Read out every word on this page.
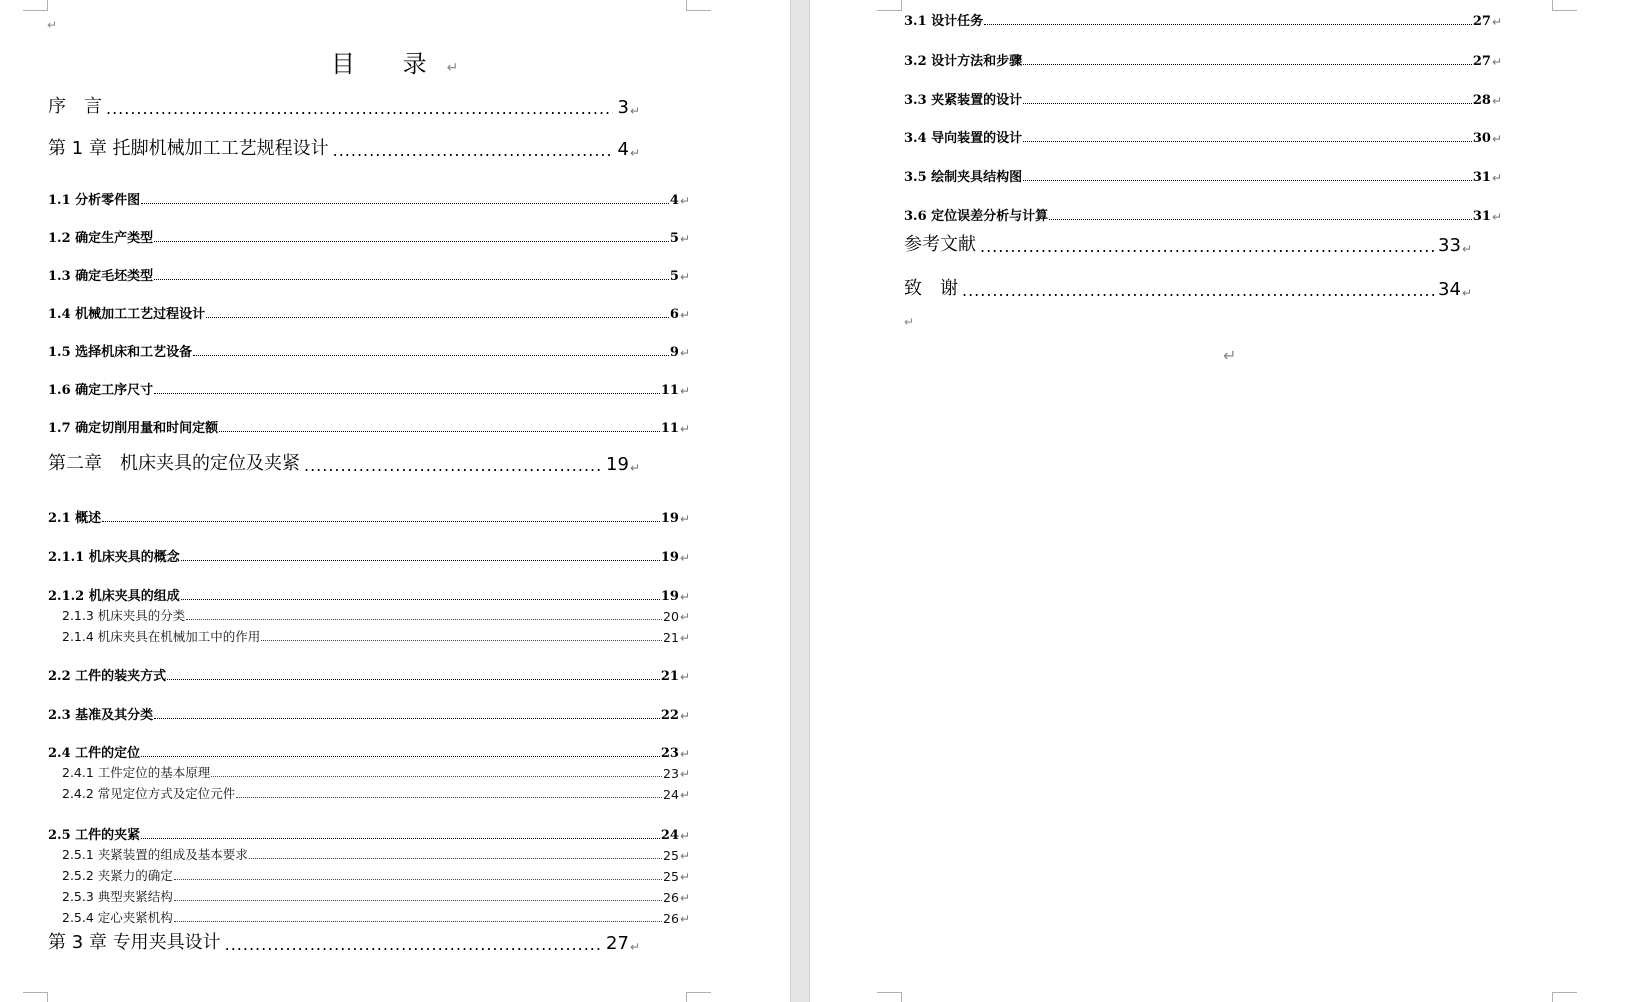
↵
目 录↵
序　言 .....	3 ↵
第 1 章 托脚机械加工工艺规程设计 .....	4 ↵
1.1 分析零件图	4 ↵
1.2 确定生产类型	5 ↵
1.3 确定毛坯类型	5 ↵
1.4 机械加工工艺过程设计	6 ↵
1.5 选择机床和工艺设备	9 ↵
1.6 确定工序尺寸	11 ↵
1.7 确定切削用量和时间定额	11 ↵
第二章　机床夹具的定位及夹紧 .....	19 ↵
2.1 概述	19 ↵
2.1.1 机床夹具的概念	19 ↵
2.1.2 机床夹具的组成	19 ↵
2.1.3 机床夹具的分类	20 ↵
2.1.4 机床夹具在机械加工中的作用	21 ↵
2.2 工件的装夹方式	21 ↵
2.3 基准及其分类	22 ↵
2.4 工件的定位	23 ↵
2.4.1 工件定位的基本原理	23 ↵
2.4.2 常见定位方式及定位元件	24 ↵
2.5 工件的夹紧	24 ↵
2.5.1 夹紧装置的组成及基本要求	25 ↵
2.5.2 夹紧力的确定	25 ↵
2.5.3 典型夹紧结构	26 ↵
2.5.4 定心夹紧机构	26 ↵
第 3 章 专用夹具设计 .....	27 ↵
3.1 设计任务	27 ↵
3.2 设计方法和步骤	27 ↵
3.3 夹紧装置的设计	28 ↵
3.4 导向装置的设计	30 ↵
3.5 绘制夹具结构图	31 ↵
3.6 定位误差分析与计算	31 ↵
参考文献 .....	33 ↵
致　谢 .....	34 ↵
↵
↵
